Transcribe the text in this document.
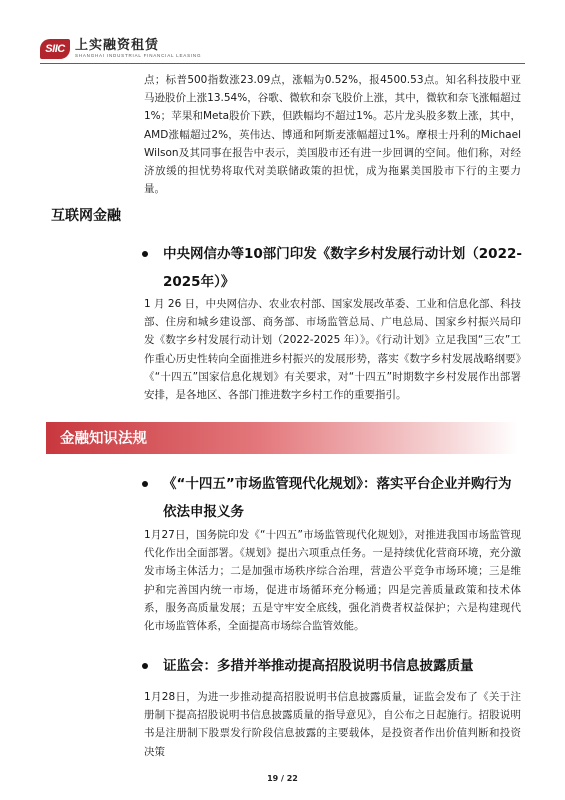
SIIC 上实融资租赁
SHANGHAI INDUSTRIAL FINANCIAL LEASING
点；标普500指数涨23.09点，涨幅为0.52%，报4500.53点。知名科技股中亚马逊股价上涨13.54%，谷歌、微软和奈飞股价上涨，其中，微软和奈飞涨幅超过1%；苹果和Meta股价下跌，但跌幅均不超过1%。芯片龙头股多数上涨，其中，AMD涨幅超过2%，英伟达、博通和阿斯麦涨幅超过1%。摩根士丹利的Michael Wilson及其同事在报告中表示，美国股市还有进一步回调的空间。他们称，对经济放缓的担忧势将取代对美联储政策的担忧，成为拖累美国股市下行的主要力量。
互联网金融
中央网信办等10部门印发《数字乡村发展行动计划（2022-2025年）》
1 月 26 日，中央网信办、农业农村部、国家发展改革委、工业和信息化部、科技部、住房和城乡建设部、商务部、市场监管总局、广电总局、国家乡村振兴局印发《数字乡村发展行动计划（2022-2025 年）》。《行动计划》立足我国“三农”工作重心历史性转向全面推进乡村振兴的发展形势，落实《数字乡村发展战略纲要》《“十四五”国家信息化规划》有关要求，对“十四五”时期数字乡村发展作出部署安排，是各地区、各部门推进数字乡村工作的重要指引。
金融知识法规
《“十四五”市场监管现代化规划》：落实平台企业并购行为依法申报义务
1月27日，国务院印发《“十四五”市场监管现代化规划》，对推进我国市场监管现代化作出全面部署。《规划》提出六项重点任务。一是持续优化营商环境，充分激发市场主体活力；二是加强市场秩序综合治理，营造公平竞争市场环境；三是维护和完善国内统一市场，促进市场循环充分畅通；四是完善质量政策和技术体系，服务高质量发展；五是守牢安全底线，强化消费者权益保护；六是构建现代化市场监管体系，全面提高市场综合监管效能。
证监会：多措并举推动提高招股说明书信息披露质量
1月28日，为进一步推动提高招股说明书信息披露质量，证监会发布了《关于注册制下提高招股说明书信息披露质量的指导意见》，自公布之日起施行。招股说明书是注册制下股票发行阶段信息披露的主要载体，是投资者作出价值判断和投资决策
19 / 22
